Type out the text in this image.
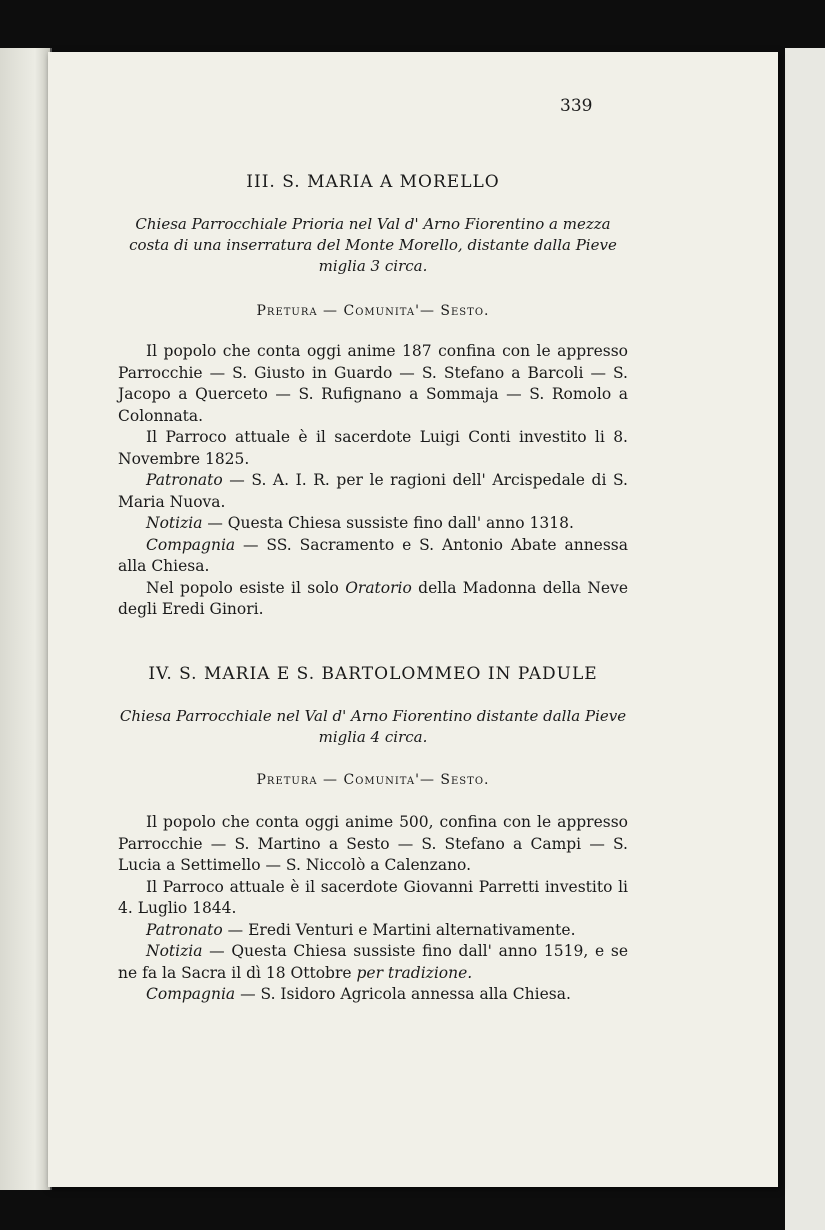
339

III. S. MARIA A MORELLO

Chiesa Parrocchiale Prioria nel Val d' Arno Fiorentino a mezza costa di una inserratura del Monte Morello, distante dalla Pieve miglia 3 circa.

Pretura — Comunita'— Sesto.

Il popolo che conta oggi anime 187 confina con le appresso Parrocchie — S. Giusto in Guardo — S. Stefano a Barcoli — S. Jacopo a Querceto — S. Rufignano a Sommaja — S. Romolo a Colonnata.

Il Parroco attuale è il sacerdote Luigi Conti investito li 8. Novembre 1825.

Patronato — S. A. I. R. per le ragioni dell' Arcispedale di S. Maria Nuova.

Notizia — Questa Chiesa sussiste fino dall' anno 1318.

Compagnia — SS. Sacramento e S. Antonio Abate annessa alla Chiesa.

Nel popolo esiste il solo Oratorio della Madonna della Neve degli Eredi Ginori.

IV. S. MARIA E S. BARTOLOMMEO IN PADULE

Chiesa Parrocchiale nel Val d' Arno Fiorentino distante dalla Pieve miglia 4 circa.

Pretura — Comunita'— Sesto.

Il popolo che conta oggi anime 500, confina con le appresso Parrocchie — S. Martino a Sesto — S. Stefano a Campi — S. Lucia a Settimello — S. Niccolò a Calenzano.

Il Parroco attuale è il sacerdote Giovanni Parretti investito li 4. Luglio 1844.

Patronato — Eredi Venturi e Martini alternativamente.

Notizia — Questa Chiesa sussiste fino dall' anno 1519, e se ne fa la Sacra il dì 18 Ottobre per tradizione.

Compagnia — S. Isidoro Agricola annessa alla Chiesa.
